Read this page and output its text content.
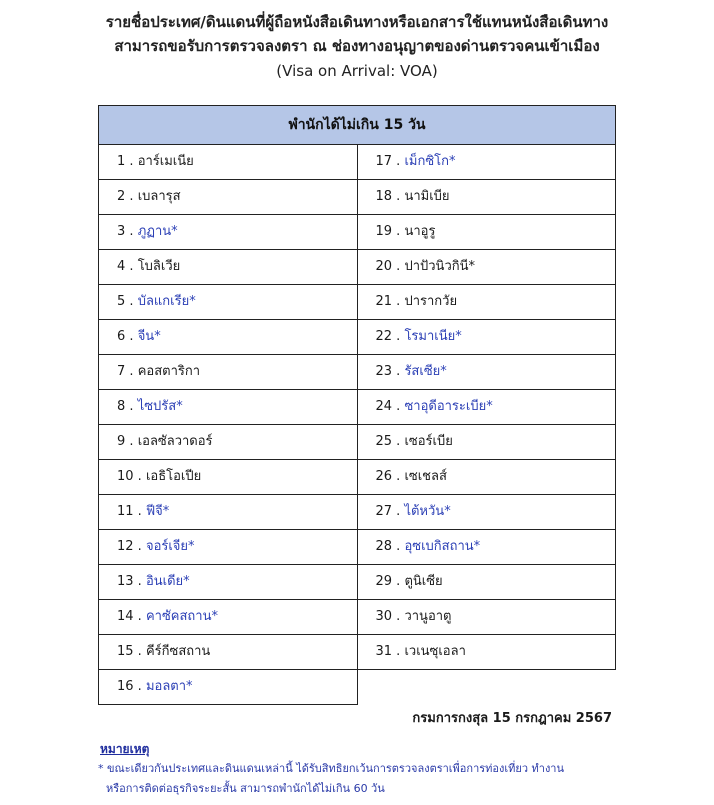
รายชื่อประเทศ/ดินแดนที่ผู้ถือหนังสือเดินทางหรือเอกสารใช้แทนหนังสือเดินทาง
สามารถขอรับการตรวจลงตรา ณ ช่องทางอนุญาตของด่านตรวจคนเข้าเมือง
(Visa on Arrival: VOA)
พำนักได้ไม่เกิน 15 วัน	
1 . อาร์เมเนีย	17 . เม็กซิโก*
2 . เบลารุส	18 . นามิเบีย
3 . ภูฏาน*	19 . นาอูรู
4 . โบลิเวีย	20 . ปาปัวนิวกินี*
5 . บัลแกเรีย*	21 . ปารากวัย
6 . จีน*	22 . โรมาเนีย*
7 . คอสตาริกา	23 . รัสเซีย*
8 . ไซปรัส*	24 . ซาอุดีอาระเบีย*
9 . เอลซัลวาดอร์	25 . เซอร์เบีย
10 . เอธิโอเปีย	26 . เซเชลส์
11 . ฟีจี*	27 . ไต้หวัน*
12 . จอร์เจีย*	28 . อุซเบกิสถาน*
13 . อินเดีย*	29 . ตูนิเซีย
14 . คาซัคสถาน*	30 . วานูอาตู
15 . คีร์กีซสถาน	31 . เวเนซุเอลา
16 . มอลตา*	
กรมการกงสุล 15 กรกฎาคม 2567
หมายเหตุ
* ขณะเดียวกันประเทศและดินแดนเหล่านี้ ได้รับสิทธิยกเว้นการตรวจลงตราเพื่อการท่องเที่ยว ทำงาน
หรือการติดต่อธุรกิจระยะสั้น สามารถพำนักได้ไม่เกิน 60 วัน
